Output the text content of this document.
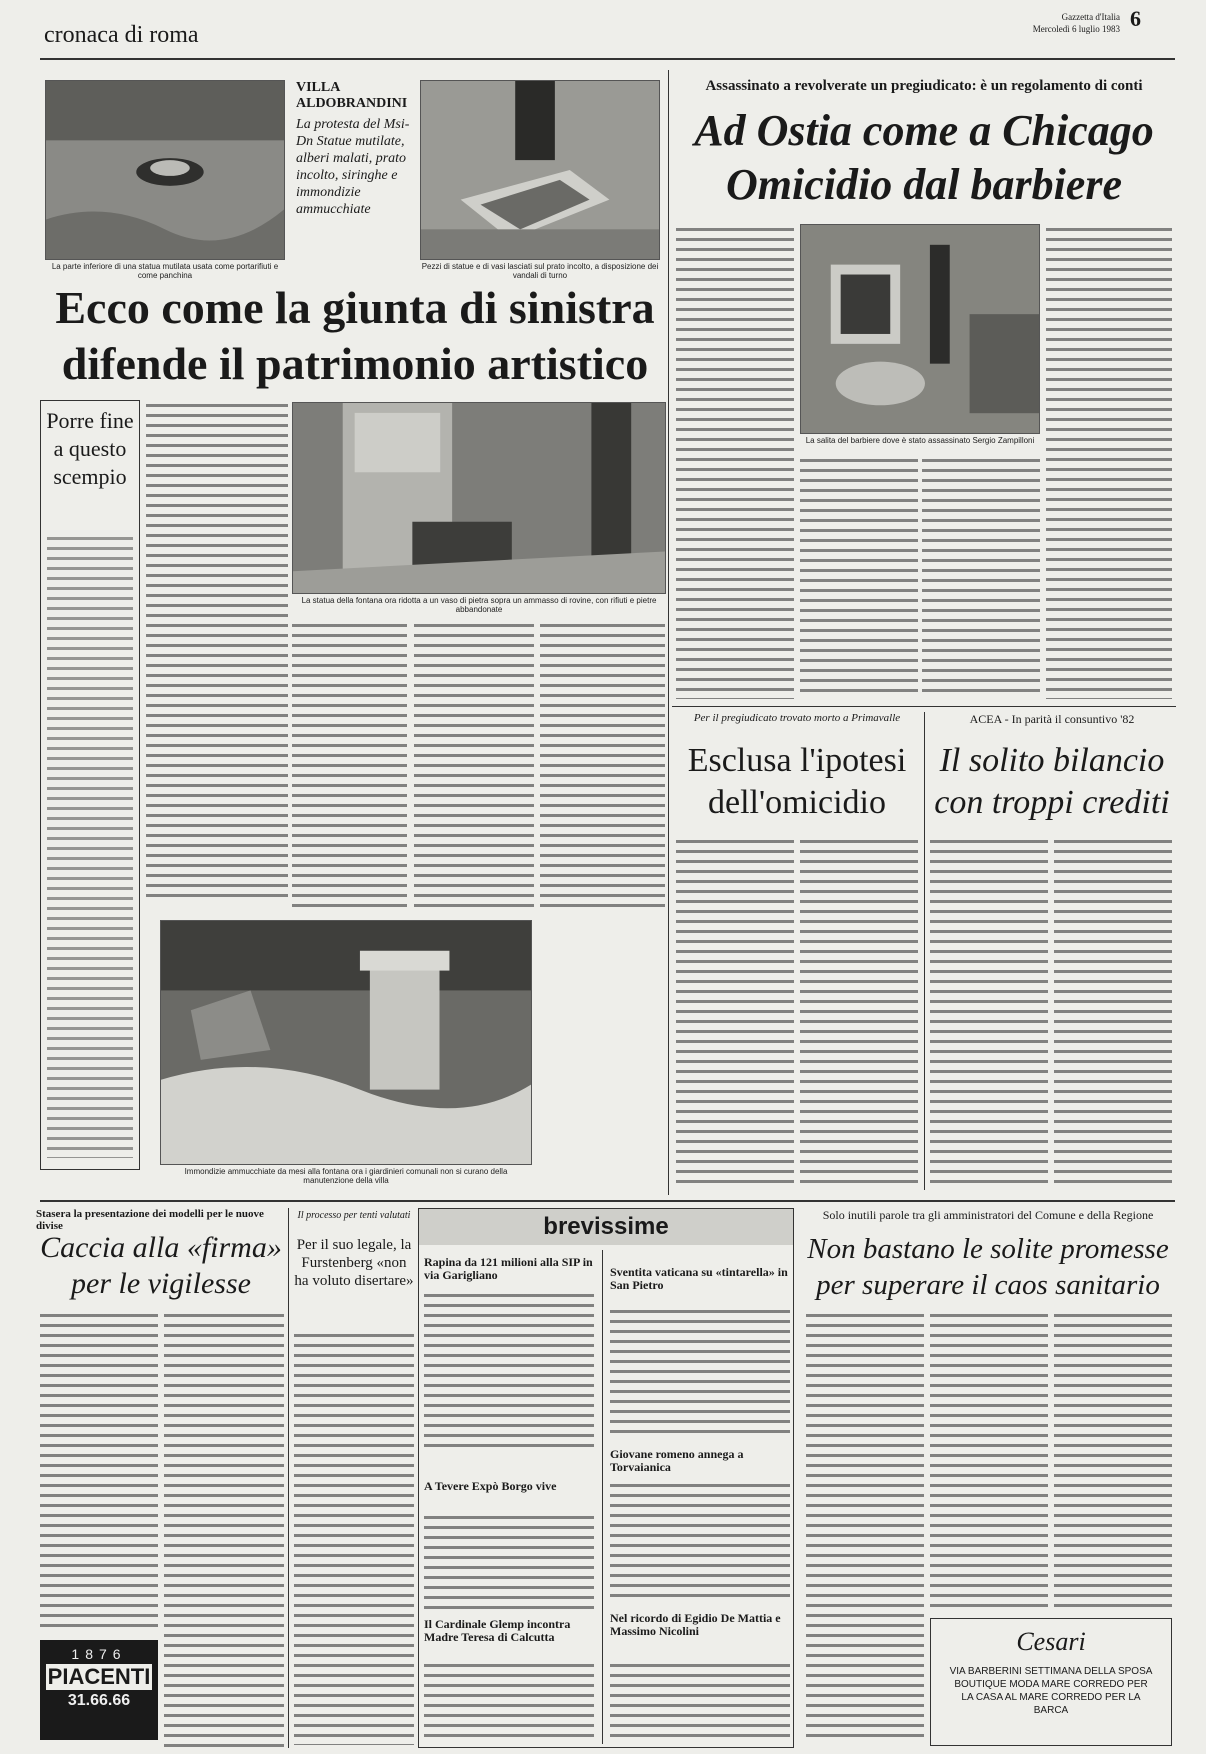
cronaca di roma
Gazzetta d'Italia
Mercoledì 6 luglio 1983 6
La parte inferiore di una statua mutilata usata come portarifiuti e come panchina
VILLA
ALDOBRANDINI
La protesta del Msi-Dn Statue mutilate, alberi malati, prato incolto, siringhe e immondizie ammucchiate
Pezzi di statue e di vasi lasciati sul prato incolto, a disposizione dei vandali di turno
Ecco come la giunta di sinistra difende il patrimonio artistico
Porre fine a questo scempio
La statua della fontana ora ridotta a un vaso di pietra sopra un ammasso di rovine, con rifiuti e pietre abbandonate
Immondizie ammucchiate da mesi alla fontana ora i giardinieri comunali non si curano della manutenzione della villa
Assassinato a revolverate un pregiudicato: è un regolamento di conti
Ad Ostia come a Chicago
Omicidio dal barbiere
La salita del barbiere dove è stato assassinato Sergio Zampilloni
Per il pregiudicato trovato morto a Primavalle
Esclusa l'ipotesi dell'omicidio
ACEA - In parità il consuntivo '82
Il solito bilancio con troppi crediti
Stasera la presentazione dei modelli per le nuove divise
Caccia alla «firma» per le vigilesse
1876
PIACENTI
31.66.66
Il processo per tenti valutati
Per il suo legale, la Furstenberg «non ha voluto disertare»
brevissime
Rapina da 121 milioni alla SIP in via Garigliano
A Tevere Expò Borgo vive
Il Cardinale Glemp incontra Madre Teresa di Calcutta
Sventita vaticana su «tintarella» in San Pietro
Giovane romeno annega a Torvaianica
Nel ricordo di Egidio De Mattia e Massimo Nicolini
Solo inutili parole tra gli amministratori del Comune e della Regione
Non bastano le solite promesse
per superare il caos sanitario
Cesari
VIA BARBERINI SETTIMANA DELLA SPOSA BOUTIQUE MODA MARE CORREDO PER LA CASA AL MARE CORREDO PER LA BARCA
